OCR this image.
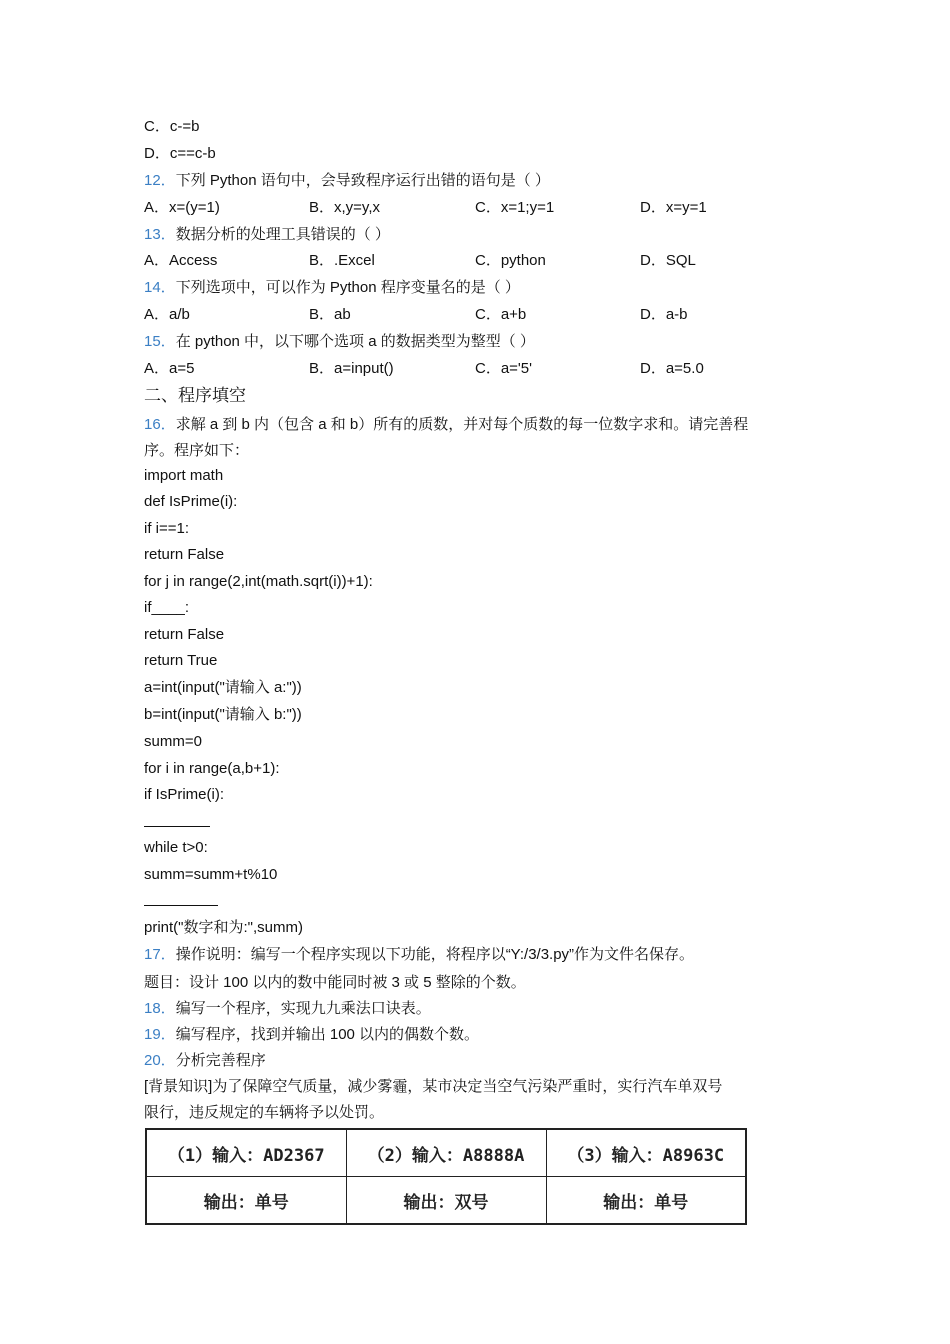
C．c-=b
D．c==c-b
12．下列 Python 语句中，会导致程序运行出错的语句是（ ）
A．x=(y=1)	B．x,y=y,x	C．x=1;y=1	D．x=y=1
13．数据分析的处理工具错误的（ ）
A．Access	B．.Excel	C．python	D．SQL
14．下列选项中，可以作为 Python 程序变量名的是（ ）
A．a/b	B．ab	C．a+b	D．a-b
15．在 python 中，以下哪个选项 a 的数据类型为整型（ ）
A．a=5	B．a=input()	C．a='5'	D．a=5.0
二、程序填空
16．求解 a 到 b 内（包含 a 和 b）所有的质数，并对每个质数的每一位数字求和。请完善程
序。程序如下：
import math
def IsPrime(i):
if i==1:
return False
for j in range(2,int(math.sqrt(i))+1):
if____:
return False
return True
a=int(input("请输入 a:"))
b=int(input("请输入 b:"))
summ=0
for i in range(a,b+1):
if IsPrime(i):
while t>0:
summ=summ+t%10
print("数字和为:",summ)
17．操作说明：编写一个程序实现以下功能，将程序以“Y:/3/3.py”作为文件名保存。
题目：设计 100 以内的数中能同时被 3 或 5 整除的个数。
18．编写一个程序，实现九九乘法口诀表。
19．编写程序，找到并输出 100 以内的偶数个数。
20．分析完善程序
[背景知识]为了保障空气质量，减少雾霾，某市决定当空气污染严重时，实行汽车单双号
限行，违反规定的车辆将予以处罚。
（1）输入：AD2367	（2）输入：A8888A	（3）输入：A8963C
输出：单号	输出：双号	输出：单号
